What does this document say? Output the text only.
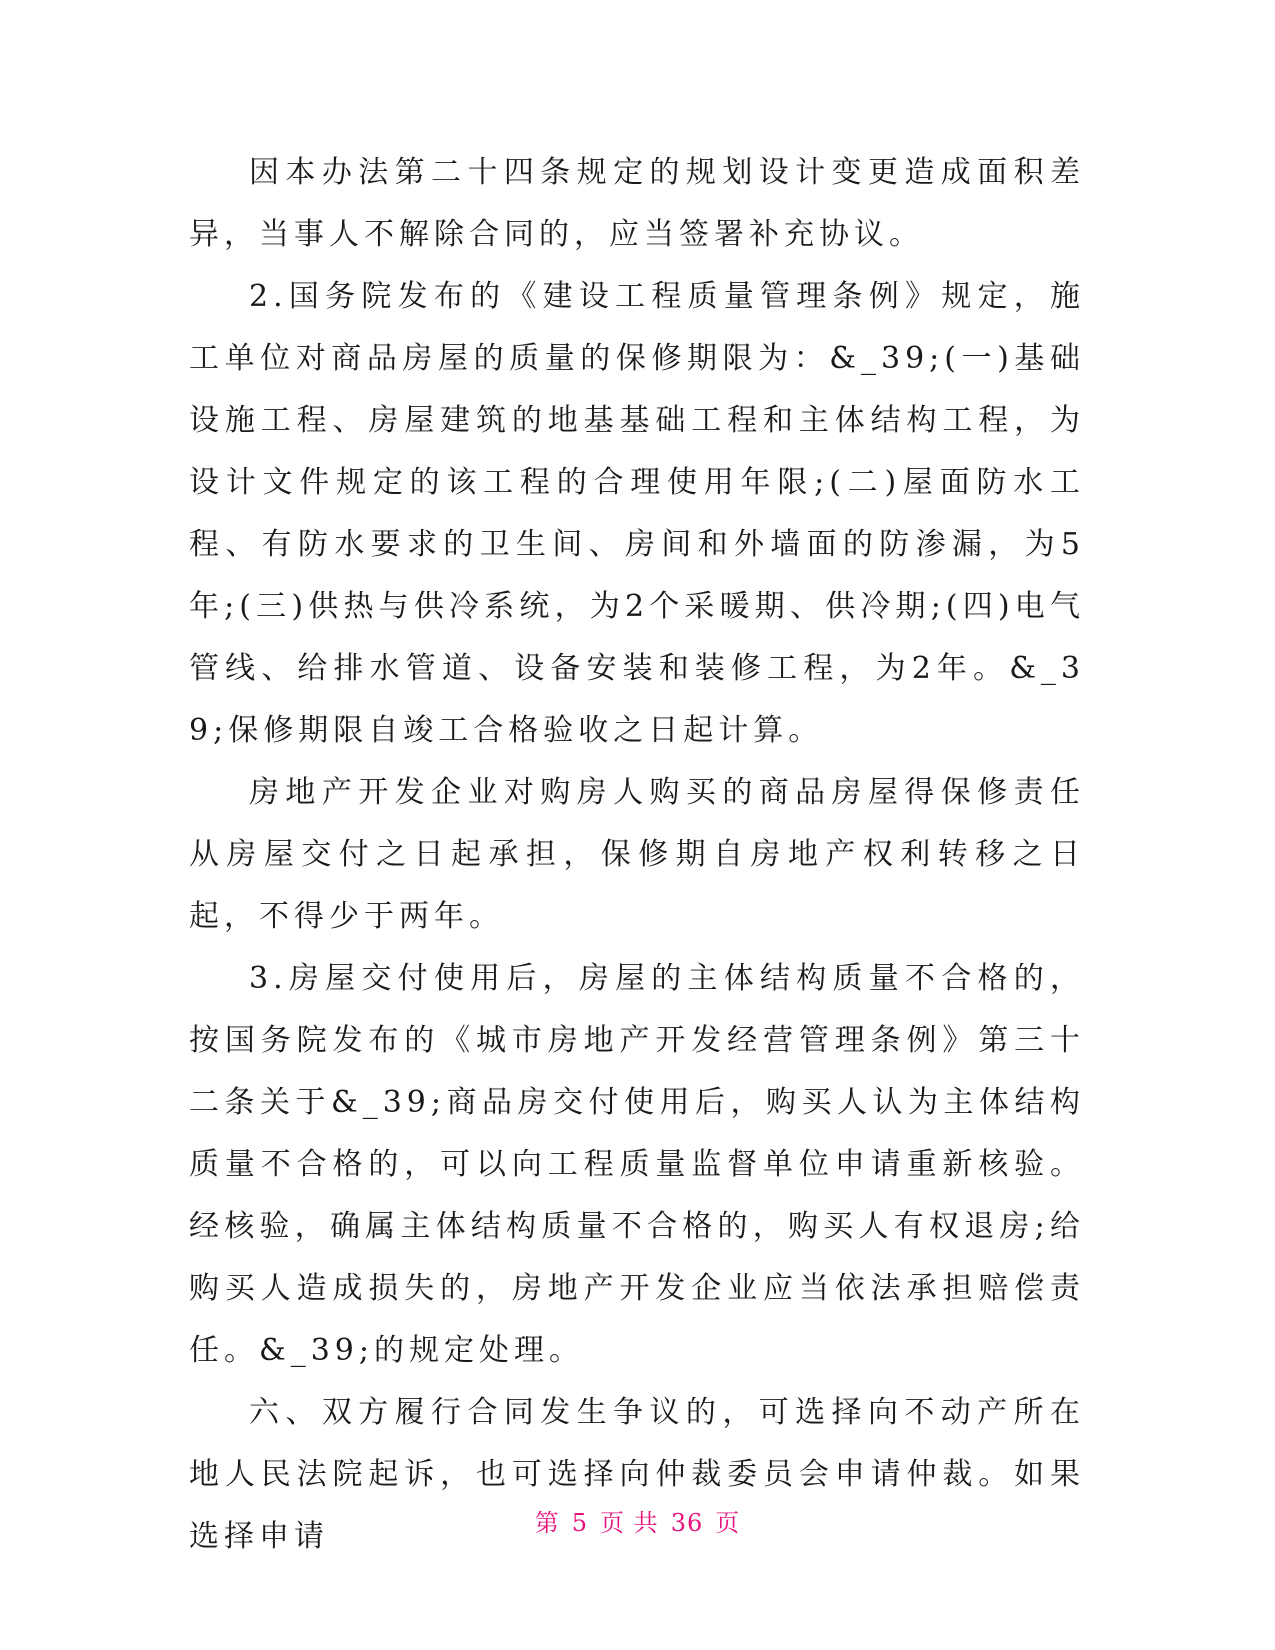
因本办法第二十四条规定的规划设计变更造成面积差异，当事人不解除合同的，应当签署补充协议。

2.国务院发布的《建设工程质量管理条例》规定，施工单位对商品房屋的质量的保修期限为：&_39;(一)基础设施工程、房屋建筑的地基基础工程和主体结构工程，为设计文件规定的该工程的合理使用年限;(二)屋面防水工程、有防水要求的卫生间、房间和外墙面的防渗漏，为5年;(三)供热与供冷系统，为2个采暖期、供冷期;(四)电气管线、给排水管道、设备安装和装修工程，为2年。&_39;保修期限自竣工合格验收之日起计算。

房地产开发企业对购房人购买的商品房屋得保修责任从房屋交付之日起承担，保修期自房地产权利转移之日起，不得少于两年。

3.房屋交付使用后，房屋的主体结构质量不合格的，按国务院发布的《城市房地产开发经营管理条例》第三十二条关于&_39;商品房交付使用后，购买人认为主体结构质量不合格的，可以向工程质量监督单位申请重新核验。经核验，确属主体结构质量不合格的，购买人有权退房;给购买人造成损失的，房地产开发企业应当依法承担赔偿责任。&_39;的规定处理。

六、双方履行合同发生争议的，可选择向不动产所在地人民法院起诉，也可选择向仲裁委员会申请仲裁。如果选择申请	第 5 页 共 36 页
